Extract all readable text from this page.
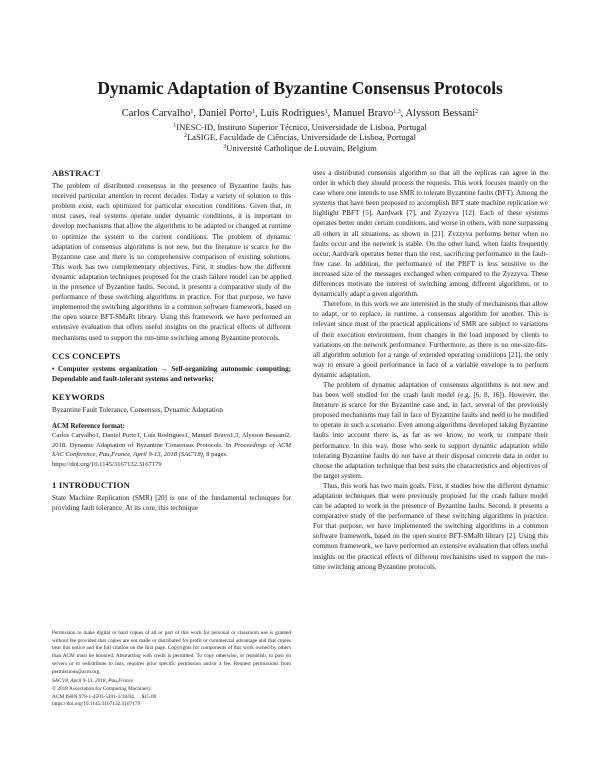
Dynamic Adaptation of Byzantine Consensus Protocols
Carlos Carvalho$^1$, Daniel Porto$^1$, Luís Rodrigues$^1$, Manuel Bravo$^{1,3}$, Alysson Bessani$^2$
$^1$INESC-ID, Instituto Superior Técnico, Universidade de Lisboa, Portugal
$^2$LaSIGE, Faculdade de Ciências, Universidade de Lisboa, Portugal
$^3$Université Catholique de Louvain, Belgium
ABSTRACT

The problem of distributed consensus in the presence of Byzantine faults has received particular attention in recent decades. Today a variety of solution to this problem exist, each optimized for particular execution conditions. Given that, in most cases, real systems operate under dynamic conditions, it is important to develop mechanisms that allow the algorithms to be adapted or changed at runtime to optimize the system to the current conditions. The problem of dynamic adaptation of consensus algorithms is not new, but the literature is scarce for the Byzantine case and there is no comprehensive comparison of existing solutions. This work has two complementary objectives. First, it studies how the different dynamic adaptation techniques proposed for the crash failure model can be applied in the presence of Byzantine faults. Second, it presents a comparative study of the performance of these switching algorithms in practice. For that purpose, we have implemented the switching algorithms in a common software framework, based on the open source BFT-SMaRt library. Using this framework we have performed an extensive evaluation that offers useful insights on the practical effects of different mechanisms used to support the run-time switching among Byzantine protocols.

CCS CONCEPTS

• Computer systems organization → Self-organizing autonomic computing; Dependable and fault-tolerant systems and networks;

KEYWORDS

Byzantine Fault Tolerance, Consensus, Dynamic Adaptation

ACM Reference format:
Carlos Carvalho1, Daniel Porto1, Luís Rodrigues1, Manuel Bravo1,3, Alysson Bessani2. 2018. Dynamic Adaptation of Byzantine Consensus Protocols. In Proceedings of ACM SAC Conference, Pau,France, April 9-13, 2018 (SAC'18), 8 pages.
https://doi.org/10.1145/3167132.3167179
1 INTRODUCTION

State Machine Replication (SMR) [20] is one of the fundamental techniques for providing fault tolerance. At its core, this technique

Permission to make digital or hard copies of all or part of this work for personal or classroom use is granted without fee provided that copies are not made or distributed for profit or commercial advantage and that copies bear this notice and the full citation on the first page. Copyrights for components of this work owned by others than ACM must be honored. Abstracting with credit is permitted. To copy otherwise, or republish, to post on servers or to redistribute to lists, requires prior specific permission and/or a fee. Request permissions from permissions@acm.org.

SAC'18, April 9-13, 2018, Pau,France
© 2018 Association for Computing Machinery.
ACM ISBN 978-1-4503-5191-1/18/04. . . $15.00
https://doi.org/10.1145/3167132.3167179

uses a distributed consensus algorithm so that all the replicas can agree in the order in which they should process the requests. This work focuses mainly on the case where one intends to use SMR to tolerate Byzantine faults (BFT). Among the systems that have been proposed to accomplish BFT state machine replication we highlight PBFT [5], Aardvark [7], and Zyzzyva [12]. Each of these systems operates better under certain conditions, and worse in others, with none surpassing all others in all situations, as shown in [21]. Zyzzyva performs better when no faults occur and the network is stable. On the other hand, when faults frequently occur, Aardvark operates better than the rest, sacrificing performance in the fault-free case. In addition, the performance of the PBFT is less sensitive to the increased size of the messages exchanged when compared to the Zyzzyva. These differences motivate the interest of switching among different algorithms, or to dynamically adapt a given algorithm.

Therefore, in this work we are interested in the study of mechanisms that allow to adapt, or to replace, in runtime, a consensus algorithm for another. This is relevant since most of the practical applications of SMR are subject to variations of their execution environment, from changes in the load imposed by clients to variations on the network performance. Furthermore, as there is no one-size-fits-all algorithm solution for a range of extended operating conditions [21], the only way to ensure a good performance in face of a variable envelope is to perform dynamic adaptation.

The problem of dynamic adaptation of consensus algorithms is not new and has been well studied for the crash fault model (e.g. [6, 8, 16]). However, the literature is scarce for the Byzantine case and, in fact, several of the previously proposed mechanisms may fail in face of Byzantine faults and need to be modified to operate in such a scenario. Even among algorithms developed taking Byzantine faults into account there is, as far as we know, no work to compare their performance. In this way, those who seek to support dynamic adaptation while tolerating Byzantine faults do not have at their disposal concrete data in order to choose the adaptation technique that best suits the characteristics and objectives of the target system.

Thus, this work has two main goals. First, it studies how the different dynamic adaptation techniques that were previously proposed for the crash failure model can be adapted to work in the presence of Byzantine faults. Second, it presents a comparative study of the performance of these switching algorithms in practice. For that purpose, we have implemented the switching algorithms in a common software framework, based on the open source BFT-SMaRt library [2]. Using this common framework, we have performed an extensive evaluation that offers useful insights on the practical effects of different mechanisms used to support the run-time switching among Byzantine protocols.
